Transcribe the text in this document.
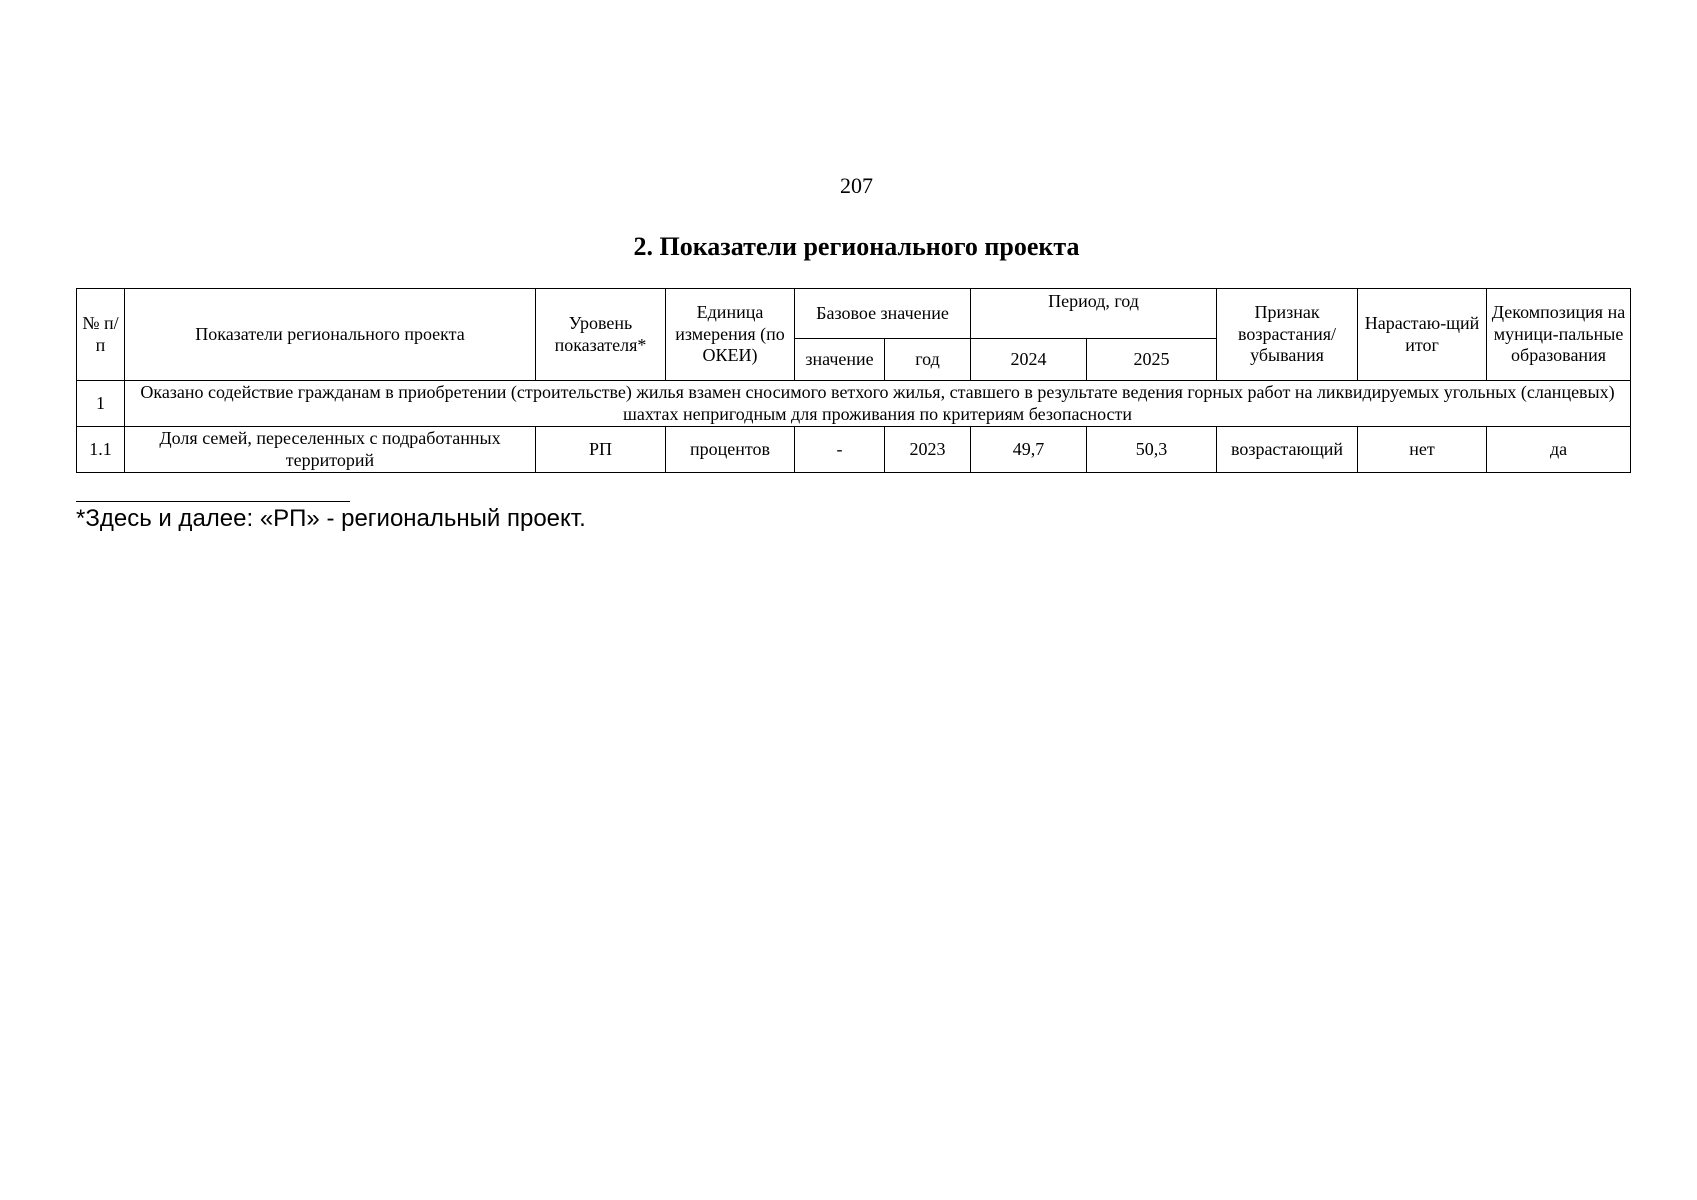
207
2. Показатели регионального проекта
№ п/п	Показатели регионального проекта	Уровень показателя*	Единица измерения (по ОКЕИ)	Базовое значение		Период, год		Признак возрастания/ убывания	Нарастаю-щий итог	Декомпозиция на муници-пальные образования
				значение	год	2024	2025			
1	Оказано содействие гражданам в приобретении (строительстве) жилья взамен сносимого ветхого жилья, ставшего в результате ведения горных работ на ликвидируемых угольных (сланцевых) шахтах непригодным для проживания по критериям безопасности									
1.1	Доля семей, переселенных с подработанных территорий	РП	процентов	-	2023	49,7	50,3	возрастающий	нет	да
*Здесь и далее: «РП» - региональный проект.
